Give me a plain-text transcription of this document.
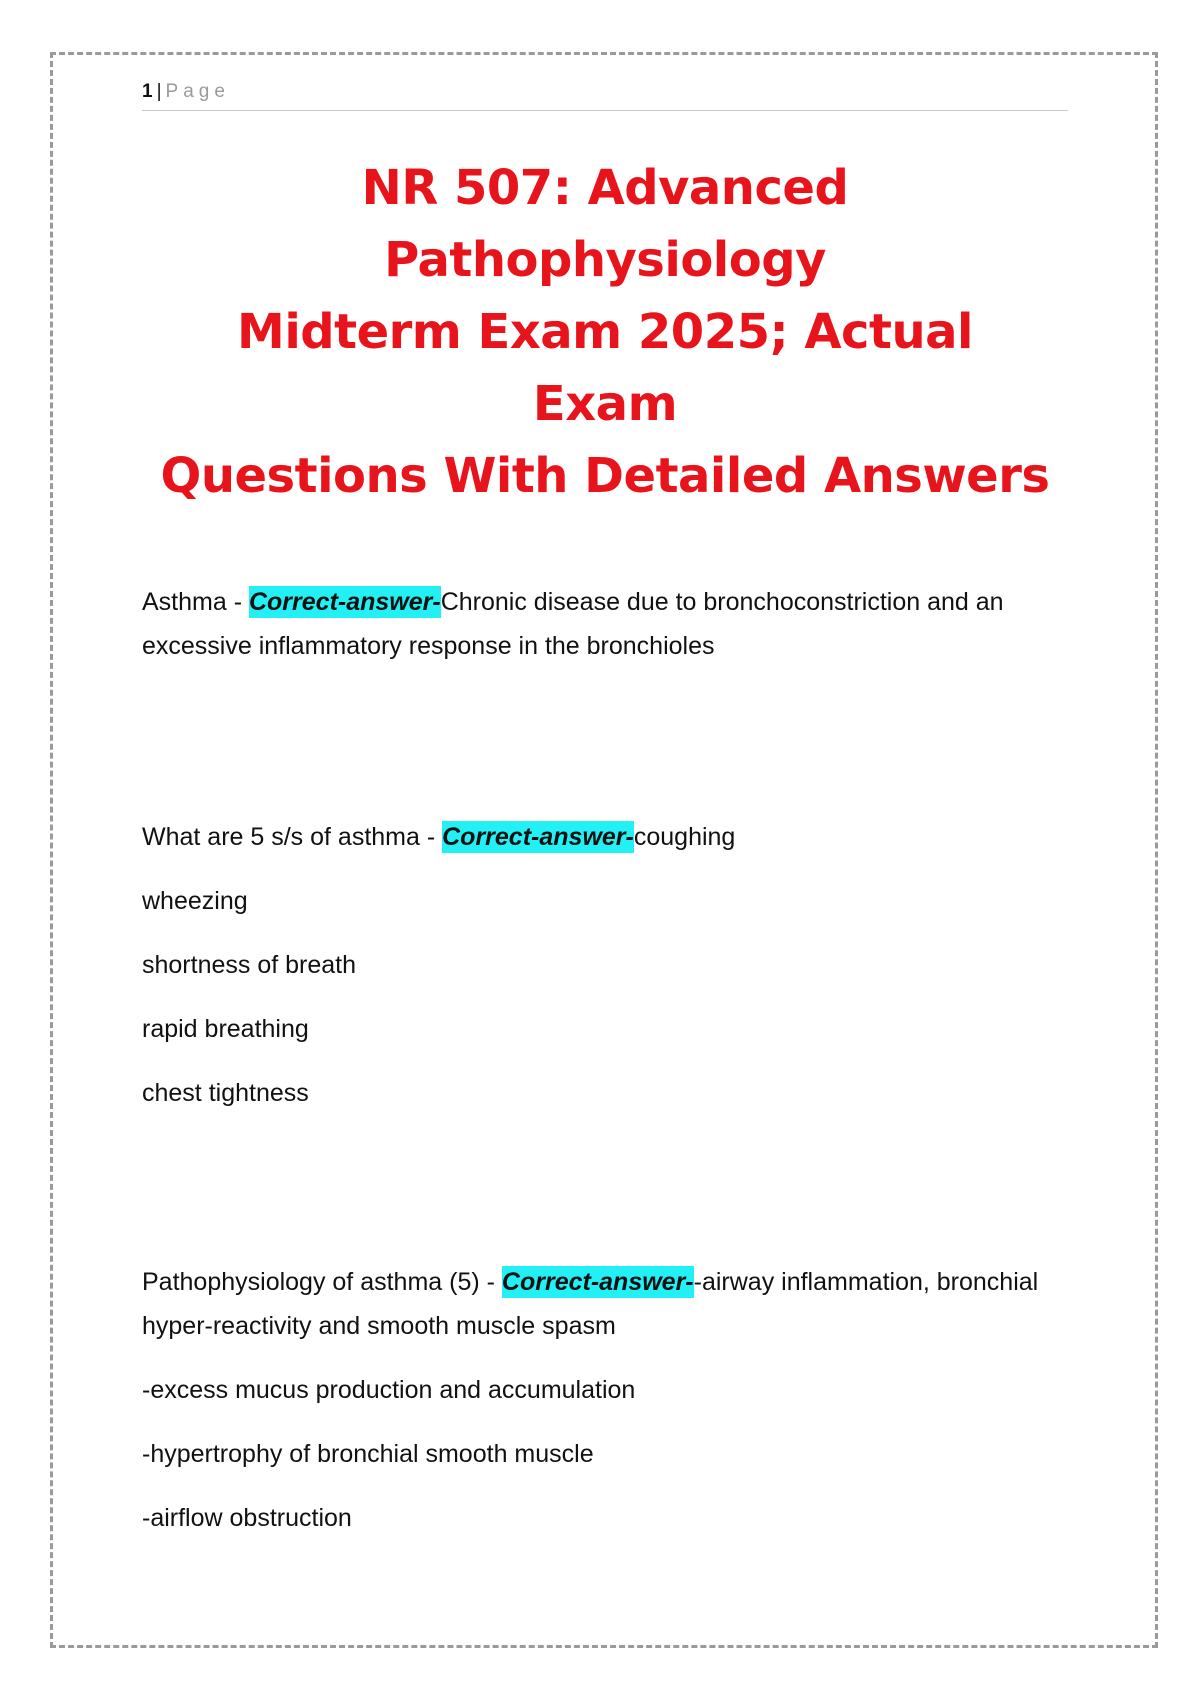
1 | Page
NR 507: Advanced Pathophysiology
Midterm Exam 2025; Actual Exam
Questions With Detailed Answers

Asthma - Correct-answer-Chronic disease due to bronchoconstriction and an excessive inflammatory response in the bronchioles

What are 5 s/s of asthma - Correct-answer-coughing
wheezing
shortness of breath
rapid breathing
chest tightness

Pathophysiology of asthma (5) - Correct-answer--airway inflammation, bronchial hyper-reactivity and smooth muscle spasm

-excess mucus production and accumulation
-hypertrophy of bronchial smooth muscle
-airflow obstruction
